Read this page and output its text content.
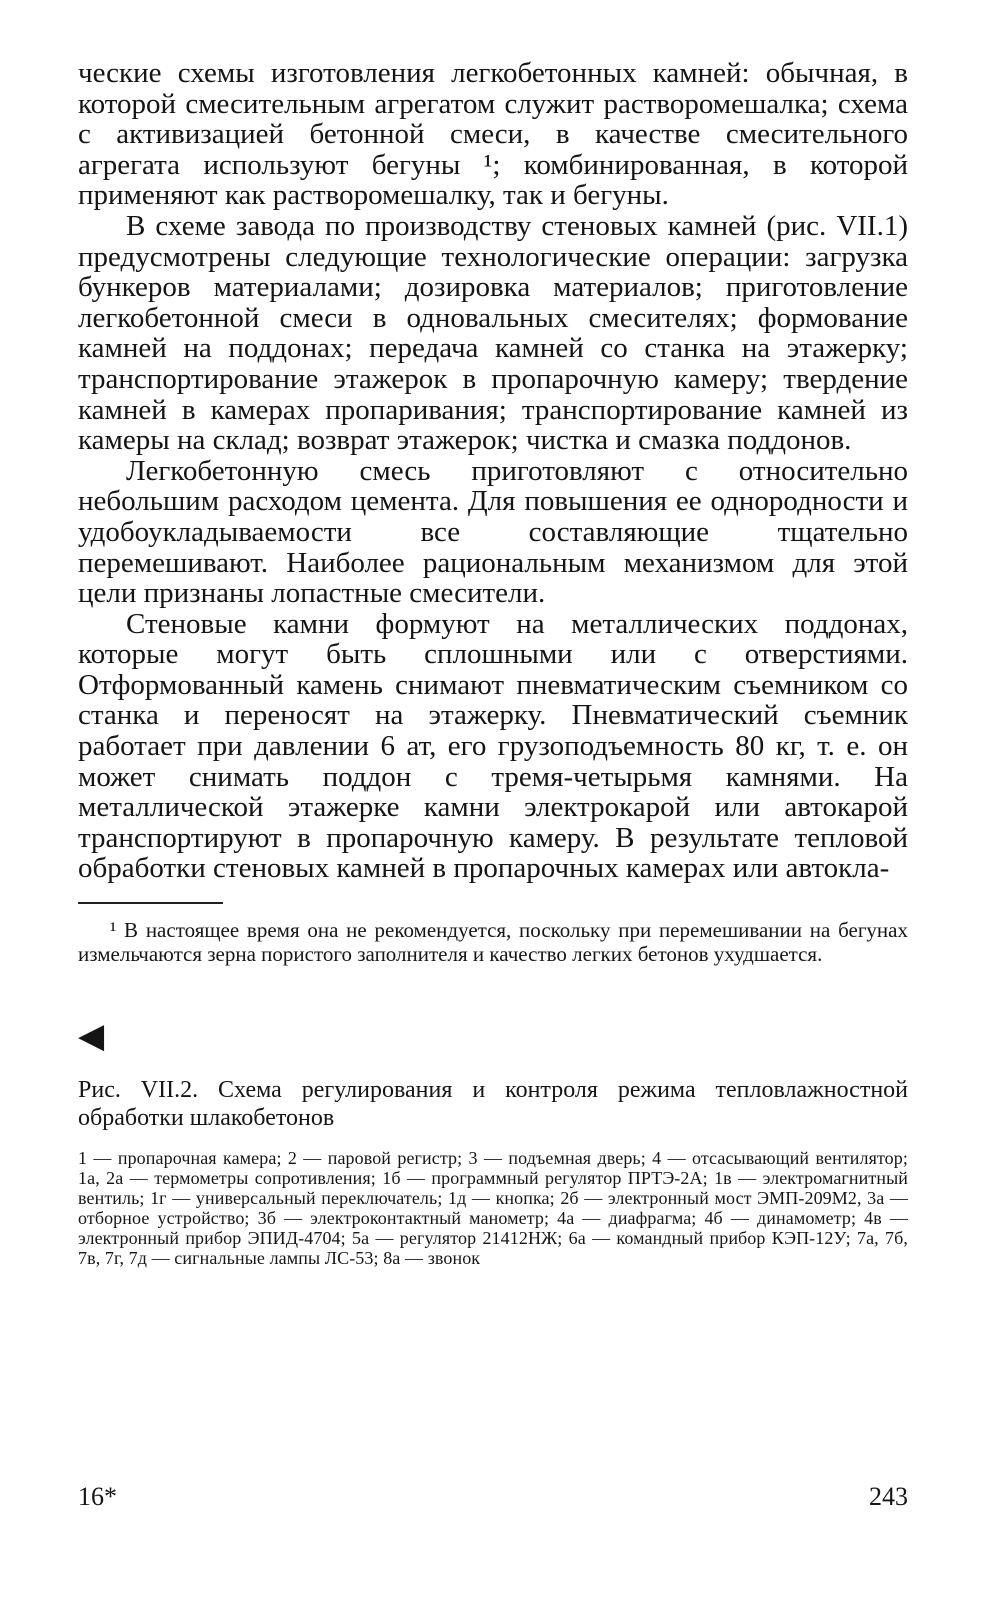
ческие схемы изготовления легкобетонных камней: обычная, в которой смесительным агрегатом служит растворомешалка; схема с активизацией бетонной смеси, в качестве смесительного агрегата используют бегуны ¹; комбинированная, в которой применяют как растворомешалку, так и бегуны.

В схеме завода по производству стеновых камней (рис. VII.1) предусмотрены следующие технологические операции: загрузка бункеров материалами; дозировка материалов; приготовление легкобетонной смеси в одновальных смесителях; формование камней на поддонах; передача камней со станка на этажерку; транспортирование этажерок в пропарочную камеру; твердение камней в камерах пропаривания; транспортирование камней из камеры на склад; возврат этажерок; чистка и смазка поддонов.

Легкобетонную смесь приготовляют с относительно небольшим расходом цемента. Для повышения ее однородности и удобоукладываемости все составляющие тщательно перемешивают. Наиболее рациональным механизмом для этой цели признаны лопастные смесители.

Стеновые камни формуют на металлических поддонах, которые могут быть сплошными или с отверстиями. Отформованный камень снимают пневматическим съемником со станка и переносят на этажерку. Пневматический съемник работает при давлении 6 ат, его грузоподъемность 80 кг, т. е. он может снимать поддон с тремя-четырьмя камнями. На металлической этажерке камни электрокарой или автокарой транспортируют в пропарочную камеру. В результате тепловой обработки стеновых камней в пропарочных камерах или автокла-

¹ В настоящее время она не рекомендуется, поскольку при перемешивании на бегунах измельчаются зерна пористого заполнителя и качество легких бетонов ухудшается.

◀
Рис. VII.2. Схема регулирования и контроля режима тепловлажностной обработки шлакобетонов
1 — пропарочная камера; 2 — паровой регистр; 3 — подъемная дверь; 4 — отсасывающий вентилятор; 1а, 2а — термометры сопротивления; 1б — программный регулятор ПРТЭ-2А; 1в — электромагнитный вентиль; 1г — универсальный переключатель; 1д — кнопка; 2б — электронный мост ЭМП-209М2, 3а — отборное устройство; 3б — электроконтактный манометр; 4а — диафрагма; 4б — динамометр; 4в — электронный прибор ЭПИД-4704; 5а — регулятор 21412НЖ; 6а — командный прибор КЭП-12У; 7а, 7б, 7в, 7г, 7д — сигнальные лампы ЛС-53; 8а — звонок
16*	243
